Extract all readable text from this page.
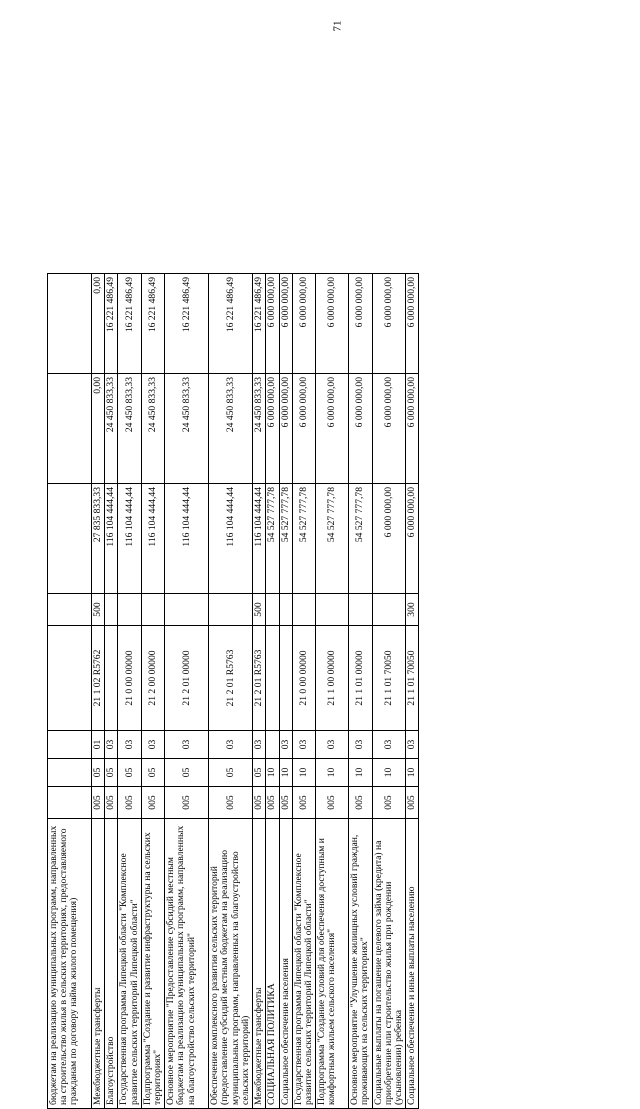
71
бюджетам на реализацию муниципальных программ, направленных на строительство жилья в сельских территориях, предоставляемого гражданам по договору найма жилого помещения)								
Межбюджетные трансферты	005	05	01	21 1 02 R5762	500	27 835 833,33	0,00	0,00
Благоустройство	005	05	03			116 104 444,44	24 450 833,33	16 221 486,49
Государственная программа Липецкой области "Комплексное развитие сельских территорий Липецкой области"	005	05	03	21 0 00 00000		116 104 444,44	24 450 833,33	16 221 486,49
Подпрограмма "Создание и развитие инфраструктуры на сельских территориях"	005	05	03	21 2 00 00000		116 104 444,44	24 450 833,33	16 221 486,49
Основное мероприятие "Предоставление субсидий местным бюджетам на реализацию муниципальных программ, направленных на благоустройство сельских территорий"	005	05	03	21 2 01 00000		116 104 444,44	24 450 833,33	16 221 486,49
Обеспечение комплексного развития сельских территорий (предоставление субсидий местным бюджетам на реализацию муниципальных программ, направленных на благоустройство сельских территорий)	005	05	03	21 2 01 R5763		116 104 444,44	24 450 833,33	16 221 486,49
Межбюджетные трансферты	005	05	03	21 2 01 R5763	500	116 104 444,44	24 450 833,33	16 221 486,49
СОЦИАЛЬНАЯ ПОЛИТИКА	005	10				54 527 777,78	6 000 000,00	6 000 000,00
Социальное обеспечение населения	005	10	03			54 527 777,78	6 000 000,00	6 000 000,00
Государственная программа Липецкой области "Комплексное развитие сельских территорий Липецкой области"	005	10	03	21 0 00 00000		54 527 777,78	6 000 000,00	6 000 000,00
Подпрограмма "Создание условий для обеспечения доступным и комфортным жильем сельского населения"	005	10	03	21 1 00 00000		54 527 777,78	6 000 000,00	6 000 000,00
Основное мероприятие "Улучшение жилищных условий граждан, проживающих на сельских территориях"	005	10	03	21 1 01 00000		54 527 777,78	6 000 000,00	6 000 000,00
Социальные выплаты на погашение целевого займа (кредита) на приобретение или строительство жилья при рождении (усыновлении) ребенка	005	10	03	21 1 01 70050		6 000 000,00	6 000 000,00	6 000 000,00
Социальное обеспечение и иные выплаты населению	005	10	03	21 1 01 70050	300	6 000 000,00	6 000 000,00	6 000 000,00
